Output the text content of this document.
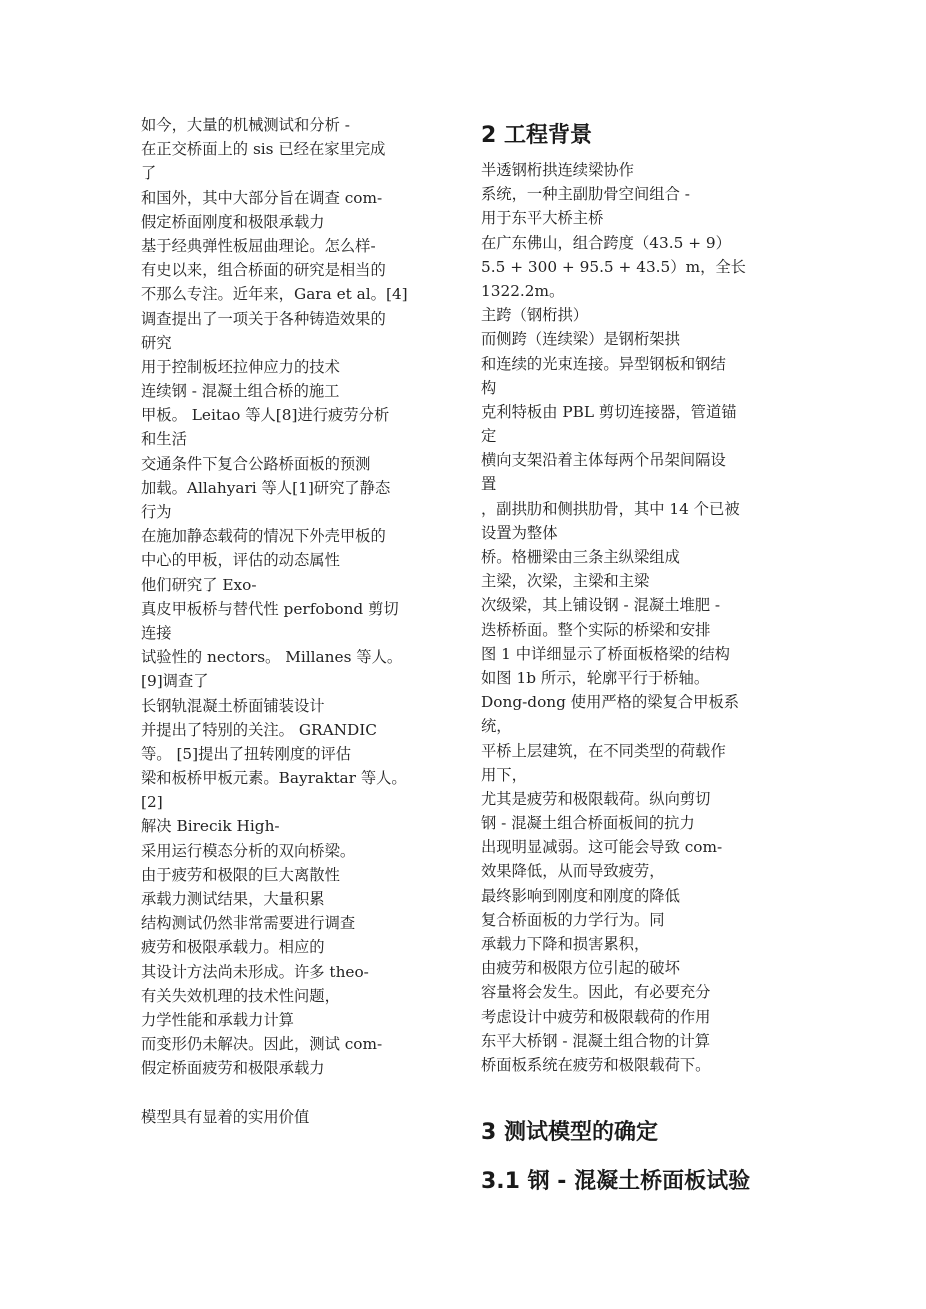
如今，大量的机械测试和分析 -
在正交桥面上的 sis 已经在家里完成
了
和国外，其中大部分旨在调查 com-
假定桥面刚度和极限承载力
基于经典弹性板屈曲理论。怎么样-
有史以来，组合桥面的研究是相当的
不那么专注。近年来，Gara et al。[4]
调查提出了一项关于各种铸造效果的
研究
用于控制板坯拉伸应力的技术
连续钢 - 混凝土组合桥的施工
甲板。 Leitao 等人[8]进行疲劳分析
和生活
交通条件下复合公路桥面板的预测
加载。Allahyari 等人[1]研究了静态
行为
在施加静态载荷的情况下外壳甲板的
中心的甲板，评估的动态属性
他们研究了 Exo-
真皮甲板桥与替代性 perfobond 剪切
连接
试验性的 nectors。 Millanes 等人。
[9]调查了
长钢轨混凝土桥面铺装设计
并提出了特别的关注。 GRANDIC
等。 [5]提出了扭转刚度的评估
梁和板桥甲板元素。Bayraktar 等人。
[2]
解决 Birecik High-
采用运行模态分析的双向桥梁。
由于疲劳和极限的巨大离散性
承载力测试结果，大量积累
结构测试仍然非常需要进行调查
疲劳和极限承载力。相应的
其设计方法尚未形成。许多 theo-
有关失效机理的技术性问题，
力学性能和承载力计算
而变形仍未解决。因此，测试 com-
假定桥面疲劳和极限承载力
模型具有显着的实用价值
2 工程背景
半透钢桁拱连续梁协作
系统，一种主副肋骨空间组合 -
用于东平大桥主桥
在广东佛山，组合跨度（43.5 + 9）
5.5 + 300 + 95.5 + 43.5）m，全长
1322.2m。
主跨（钢桁拱）
而侧跨（连续梁）是钢桁架拱
和连续的光束连接。异型钢板和钢结
构
克利特板由 PBL 剪切连接器，管道锚
定
横向支架沿着主体每两个吊架间隔设
置
，副拱肋和侧拱肋骨，其中 14 个已被
设置为整体
桥。格栅梁由三条主纵梁组成
主梁，次梁，主梁和主梁
次级梁，其上铺设钢 - 混凝土堆肥 -
迭桥桥面。整个实际的桥梁和安排
图 1 中详细显示了桥面板格梁的结构
如图 1b 所示，轮廓平行于桥轴。
Dong-dong 使用严格的梁复合甲板系
统，
平桥上层建筑，在不同类型的荷载作
用下，
尤其是疲劳和极限载荷。纵向剪切
钢 - 混凝土组合桥面板间的抗力
出现明显减弱。这可能会导致 com-
效果降低，从而导致疲劳，
最终影响到刚度和刚度的降低
复合桥面板的力学行为。同
承载力下降和损害累积，
由疲劳和极限方位引起的破坏
容量将会发生。因此，有必要充分
考虑设计中疲劳和极限载荷的作用
东平大桥钢 - 混凝土组合物的计算
桥面板系统在疲劳和极限载荷下。
3 测试模型的确定
3.1 钢 - 混凝土桥面板试验
